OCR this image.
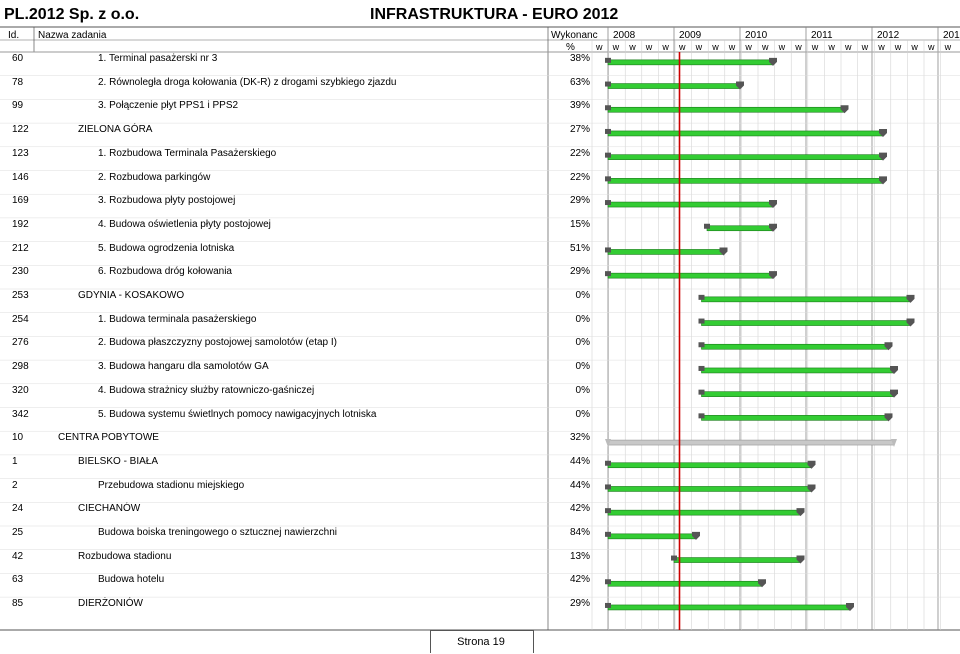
PL.2012 Sp. z o.o.	INFRASTRUKTURA - EURO 2012
Id. Nazwa zadania	Wykonanc
%
60	1. Terminal pasażerski nr 3	38%
78	2. Równoległa droga kołowania (DK-R) z drogami szybkiego zjazdu	63%
99	3. Połączenie płyt PPS1 i PPS2	39%
122	ZIELONA GÓRA	27%
123	1. Rozbudowa Terminala Pasażerskiego	22%
146	2. Rozbudowa parkingów	22%
169	3. Rozbudowa płyty postojowej	29%
192	4. Budowa oświetlenia płyty postojowej	15%
212	5. Budowa ogrodzenia lotniska	51%
230	6. Rozbudowa dróg kołowania	29%
253	GDYNIA - KOSAKOWO	0%
254	1. Budowa terminala pasażerskiego	0%
276	2. Budowa płaszczyzny postojowej samolotów (etap I)	0%
298	3. Budowa hangaru dla samolotów GA	0%
320	4. Budowa strażnicy służby ratowniczo-gaśniczej	0%
342	5. Budowa systemu świetlnych pomocy nawigacyjnych lotniska	0%
10	CENTRA POBYTOWE	32%
1	BIELSKO - BIAŁA	44%
2	Przebudowa stadionu miejskiego	44%
24	CIECHANÓW	42%
25	Budowa boiska treningowego o sztucznej nawierzchni	84%
42	Rozbudowa stadionu	13%
63	Budowa hotelu	42%
85	DIERŻONIÓW	29%
2008	2009	2010	2011	2012	201
w w w w w w w w w w w w w w w w w w w w w w
Strona 19
